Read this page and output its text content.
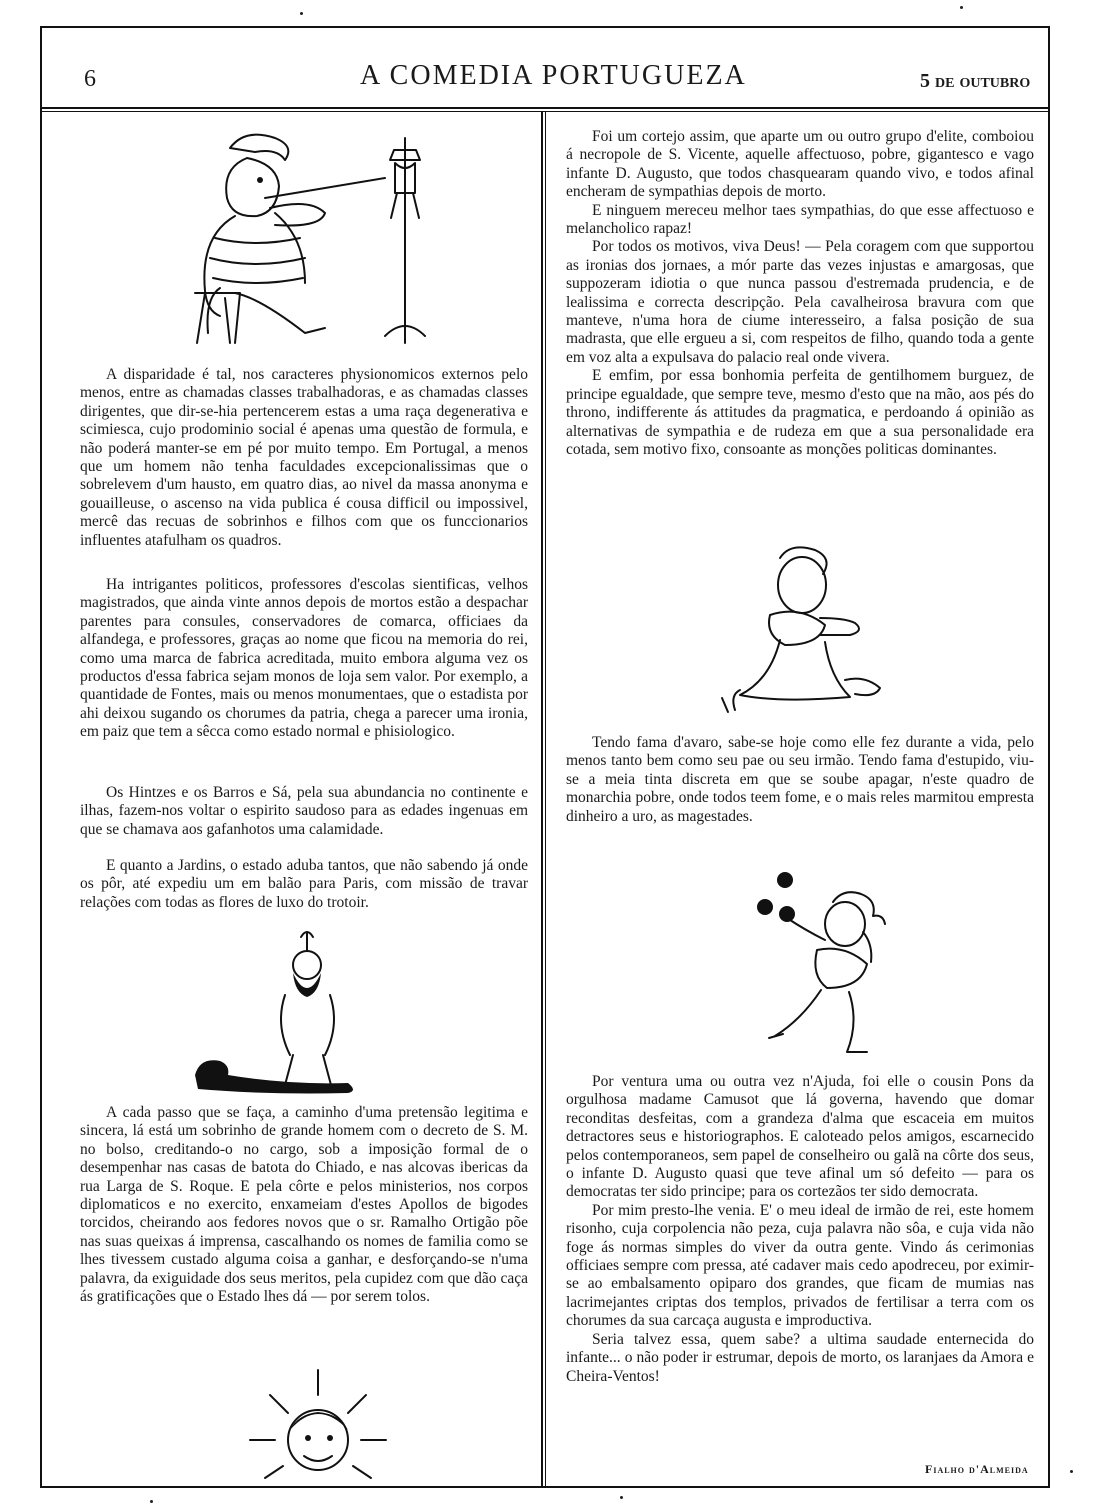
6	A COMEDIA PORTUGUEZA	5 de outubro

A disparidade é tal, nos caracteres physionomicos externos pelo menos, entre as chamadas classes trabalhadoras, e as chamadas classes dirigentes, que dir-se-hia pertencerem estas a uma raça degenerativa e scimiesca, cujo prodominio social é apenas uma questão de formula, e não poderá manter-se em pé por muito tempo. Em Portugal, a menos que um homem não tenha faculdades excepcionalissimas que o sobrelevem d'um hausto, em quatro dias, ao nivel da massa anonyma e gouailleuse, o ascenso na vida publica é cousa difficil ou impossivel, mercê das recuas de sobrinhos e filhos com que os funccionarios influentes atafulham os quadros.

Ha intrigantes politicos, professores d'escolas sientificas, velhos magistrados, que ainda vinte annos depois de mortos estão a despachar parentes para consules, conservadores de comarca, officiaes da alfandega, e professores, graças ao nome que ficou na memoria do rei, como uma marca de fabrica acreditada, muito embora alguma vez os productos d'essa fabrica sejam monos de loja sem valor. Por exemplo, a quantidade de Fontes, mais ou menos monumentaes, que o estadista por ahi deixou sugando os chorumes da patria, chega a parecer uma ironia, em paiz que tem a sêcca como estado normal e phisiologico.

Os Hintzes e os Barros e Sá, pela sua abundancia no continente e ilhas, fazem-nos voltar o espirito saudoso para as edades ingenuas em que se chamava aos gafanhotos uma calamidade.

E quanto a Jardins, o estado aduba tantos, que não sabendo já onde os pôr, até expediu um em balão para Paris, com missão de travar relações com todas as flores de luxo do trotoir.

A cada passo que se faça, a caminho d'uma pretensão legitima e sincera, lá está um sobrinho de grande homem com o decreto de S. M. no bolso, creditando-o no cargo, sob a imposição formal de o desempenhar nas casas de batota do Chiado, e nas alcovas ibericas da rua Larga de S. Roque. E pela côrte e pelos ministerios, nos corpos diplomaticos e no exercito, enxameiam d'estes Apollos de bigodes torcidos, cheirando aos fedores novos que o sr. Ramalho Ortigão põe nas suas queixas á imprensa, cascalhando os nomes de familia como se lhes tivessem custado alguma coisa a ganhar, e desforçando-se n'uma palavra, da exiguidade dos seus meritos, pela cupidez com que dão caça ás gratificações que o Estado lhes dá — por serem tolos.

Foi um cortejo assim, que aparte um ou outro grupo d'elite, comboiou á necropole de S. Vicente, aquelle affectuoso, pobre, gigantesco e vago infante D. Augusto, que todos chasquearam quando vivo, e todos afinal encheram de sympathias depois de morto.

E ninguem mereceu melhor taes sympathias, do que esse affectuoso e melancholico rapaz!

Por todos os motivos, viva Deus! — Pela coragem com que supportou as ironias dos jornaes, a mór parte das vezes injustas e amargosas, que suppozeram idiotia o que nunca passou d'estremada prudencia, e de lealissima e correcta descripção. Pela cavalheirosa bravura com que manteve, n'uma hora de ciume interesseiro, a falsa posição de sua madrasta, que elle ergueu a si, com respeitos de filho, quando toda a gente em voz alta a expulsava do palacio real onde vivera.

E emfim, por essa bonhomia perfeita de gentilhomem burguez, de principe egualdade, que sempre teve, mesmo d'esto que na mão, aos pés do throno, indifferente ás attitudes da pragmatica, e perdoando á opinião as alternativas de sympathia e de rudeza em que a sua personalidade era cotada, sem motivo fixo, consoante as monções politicas dominantes.

Tendo fama d'avaro, sabe-se hoje como elle fez durante a vida, pelo menos tanto bem como seu pae ou seu irmão. Tendo fama d'estupido, viu-se a meia tinta discreta em que se soube apagar, n'este quadro de monarchia pobre, onde todos teem fome, e o mais reles marmitou empresta dinheiro a uro, as magestades.

Por ventura uma ou outra vez n'Ajuda, foi elle o cousin Pons da orgulhosa madame Camusot que lá governa, havendo que domar reconditas desfeitas, com a grandeza d'alma que escaceia em muitos detractores seus e historiographos. E caloteado pelos amigos, escarnecido pelos contemporaneos, sem papel de conselheiro ou galã na côrte dos seus, o infante D. Augusto quasi que teve afinal um só defeito — para os democratas ter sido principe; para os cortezãos ter sido democrata.

Por mim presto-lhe venia. E' o meu ideal de irmão de rei, este homem risonho, cuja corpolencia não peza, cuja palavra não sôa, e cuja vida não foge ás normas simples do viver da outra gente. Vindo ás cerimonias officiaes sempre com pressa, até cadaver mais cedo apodreceu, por eximir-se ao embalsamento opiparo dos grandes, que ficam de mumias nas lacrimejantes criptas dos templos, privados de fertilisar a terra com os chorumes da sua carcaça augusta e improductiva.

Seria talvez essa, quem sabe? a ultima saudade enternecida do infante... o não poder ir estrumar, depois de morto, os laranjaes da Amora e Cheira-Ventos!

Fialho d'Almeida
